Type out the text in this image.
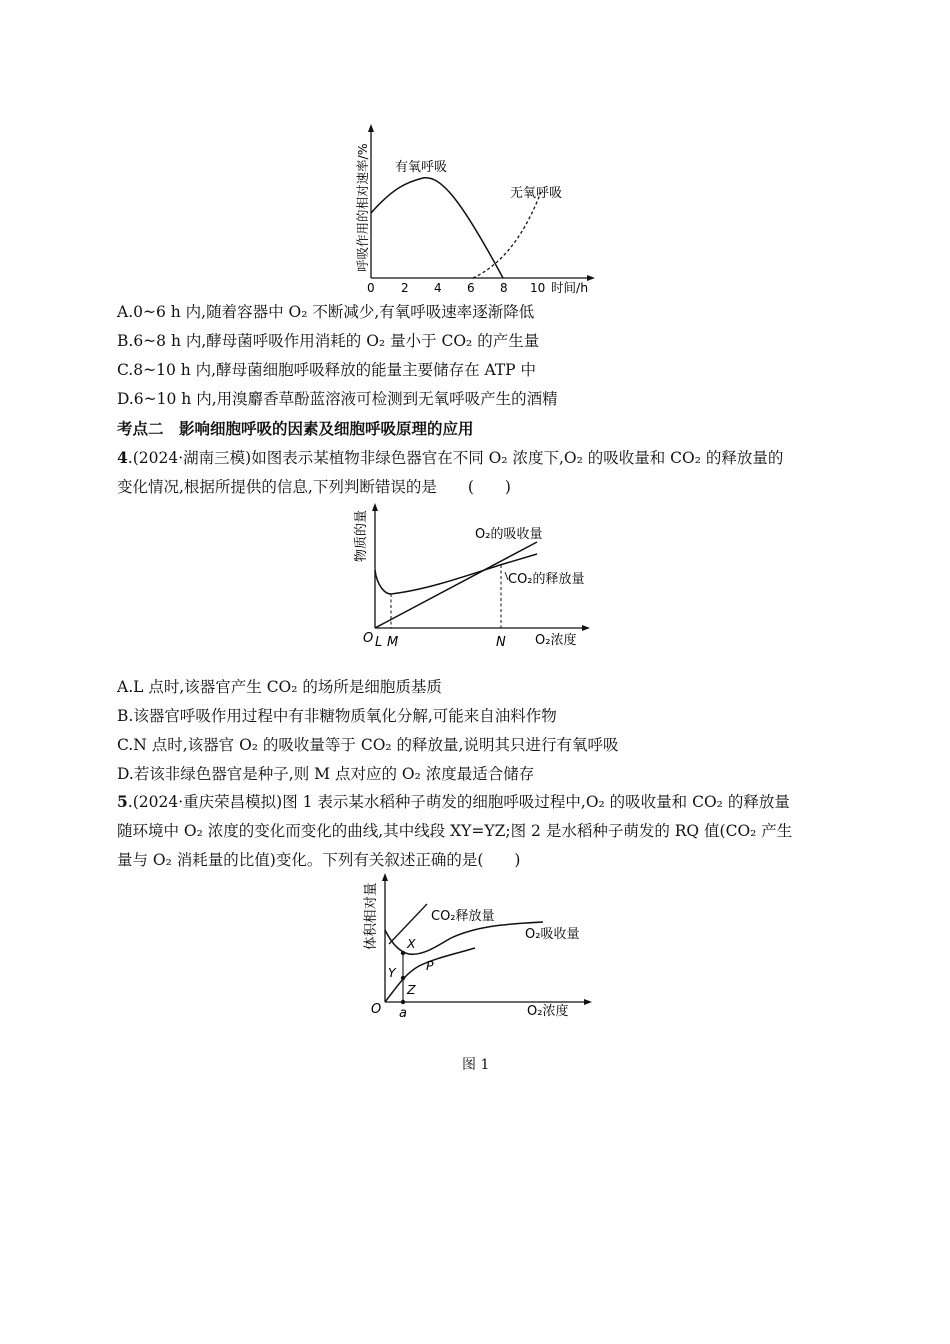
呼吸作用的相对速率/% 有氧呼吸
无氧呼吸
0 2 4 6 8 10 时间/h
A.0~6 h 内,随着容器中 O₂ 不断减少,有氧呼吸速率逐渐降低
B.6~8 h 内,酵母菌呼吸作用消耗的 O₂ 量小于 CO₂ 的产生量
C.8~10 h 内,酵母菌细胞呼吸释放的能量主要储存在 ATP 中
D.6~10 h 内,用溴麝香草酚蓝溶液可检测到无氧呼吸产生的酒精
考点二　影响细胞呼吸的因素及细胞呼吸原理的应用
4.(2024·湖南三模)如图表示某植物非绿色器官在不同 O₂ 浓度下,O₂ 的吸收量和 CO₂ 的释放量的
变化情况,根据所提供的信息,下列判断错误的是　　(　　)
物质的量	O₂的吸收量
CO₂的释放量
O L M	N O₂浓度
A.L 点时,该器官产生 CO₂ 的场所是细胞质基质
B.该器官呼吸作用过程中有非糖物质氧化分解,可能来自油料作物
C.N 点时,该器官 O₂ 的吸收量等于 CO₂ 的释放量,说明其只进行有氧呼吸
D.若该非绿色器官是种子,则 M 点对应的 O₂ 浓度最适合储存
5.(2024·重庆荣昌模拟)图 1 表示某水稻种子萌发的细胞呼吸过程中,O₂ 的吸收量和 CO₂ 的释放量
随环境中 O₂ 浓度的变化而变化的曲线,其中线段 XY=YZ;图 2 是水稻种子萌发的 RQ 值(CO₂ 产生
量与 O₂ 消耗量的比值)变化。下列有关叙述正确的是(　　)
体积相对量	CO₂释放量
O₂吸收量
X
Y
Z
P
O a	O₂浓度
图 1
